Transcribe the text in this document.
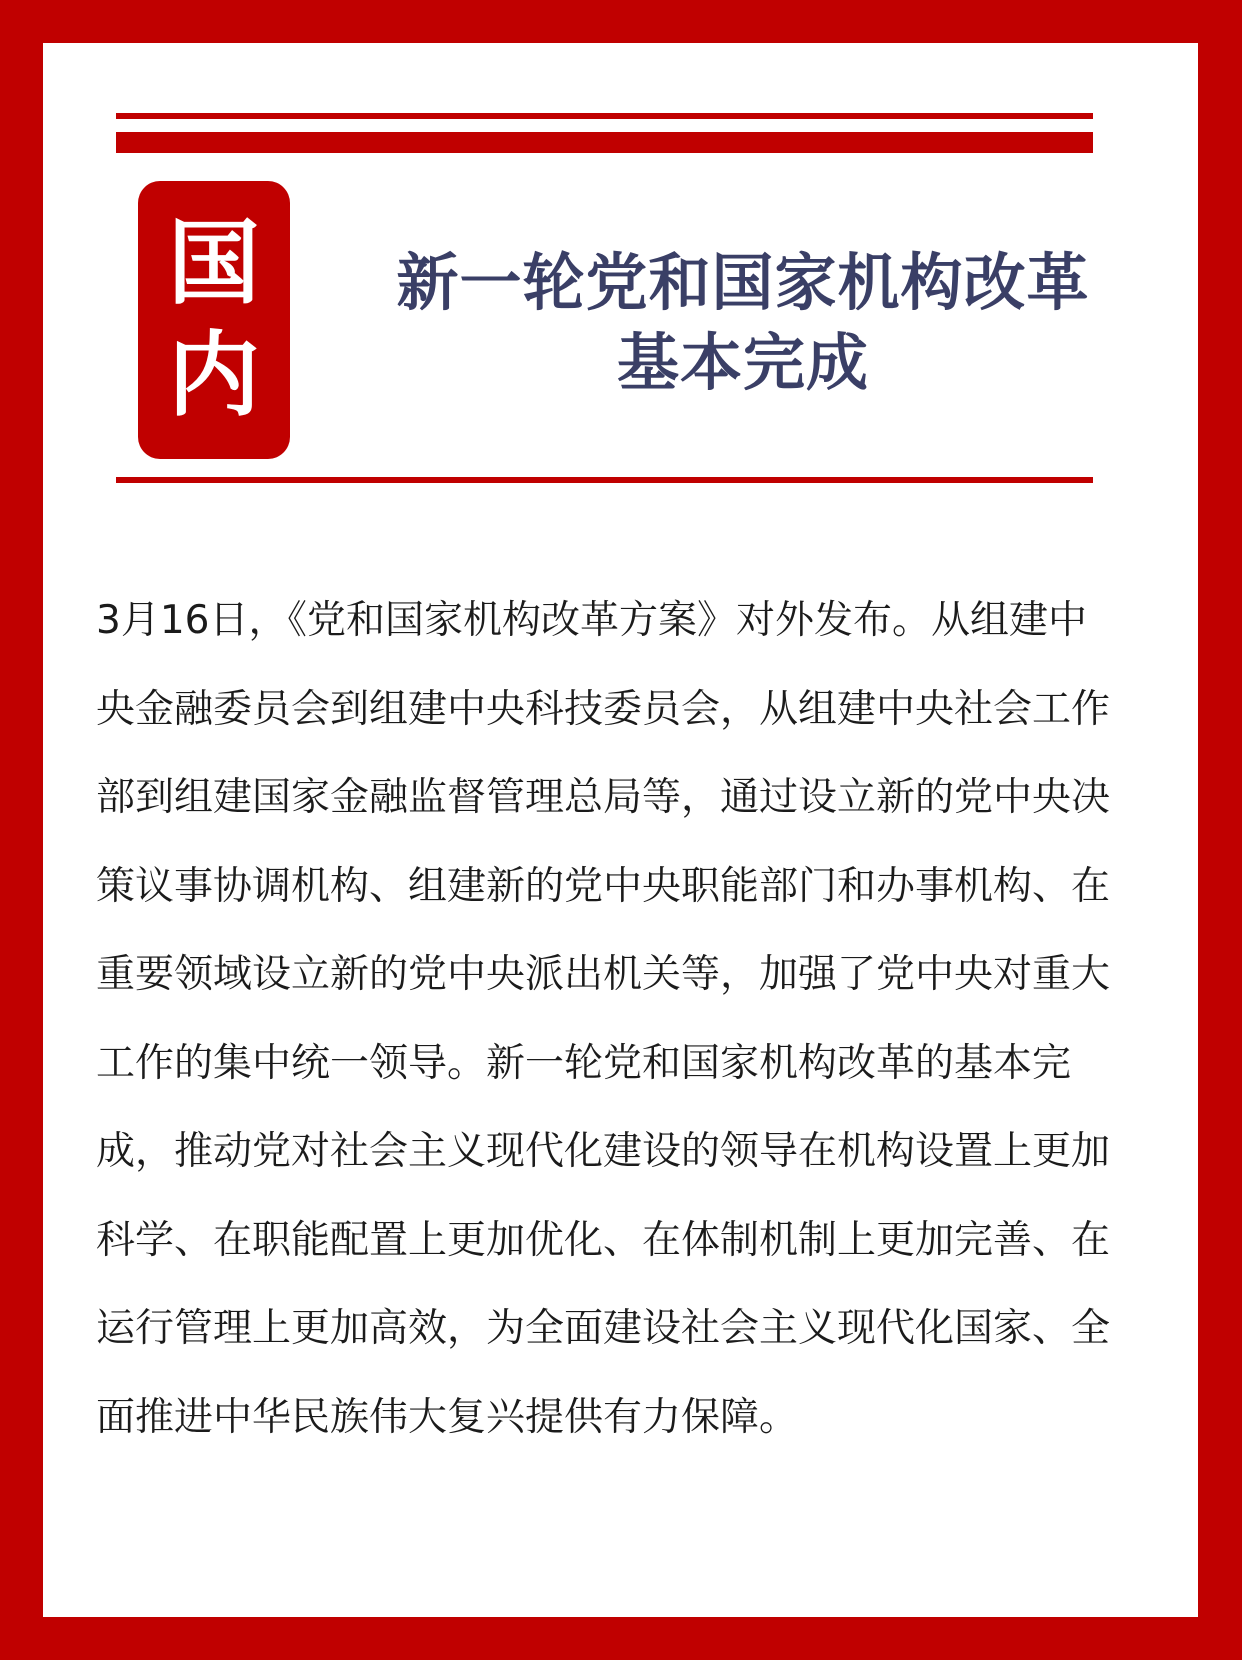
国
内
新一轮党和国家机构改革
基本完成
3月16日，《党和国家机构改革方案》对外发布。从组建中
央金融委员会到组建中央科技委员会，从组建中央社会工作
部到组建国家金融监督管理总局等，通过设立新的党中央决
策议事协调机构、组建新的党中央职能部门和办事机构、在
重要领域设立新的党中央派出机关等，加强了党中央对重大
工作的集中统一领导。新一轮党和国家机构改革的基本完
成，推动党对社会主义现代化建设的领导在机构设置上更加
科学、在职能配置上更加优化、在体制机制上更加完善、在
运行管理上更加高效，为全面建设社会主义现代化国家、全
面推进中华民族伟大复兴提供有力保障。
